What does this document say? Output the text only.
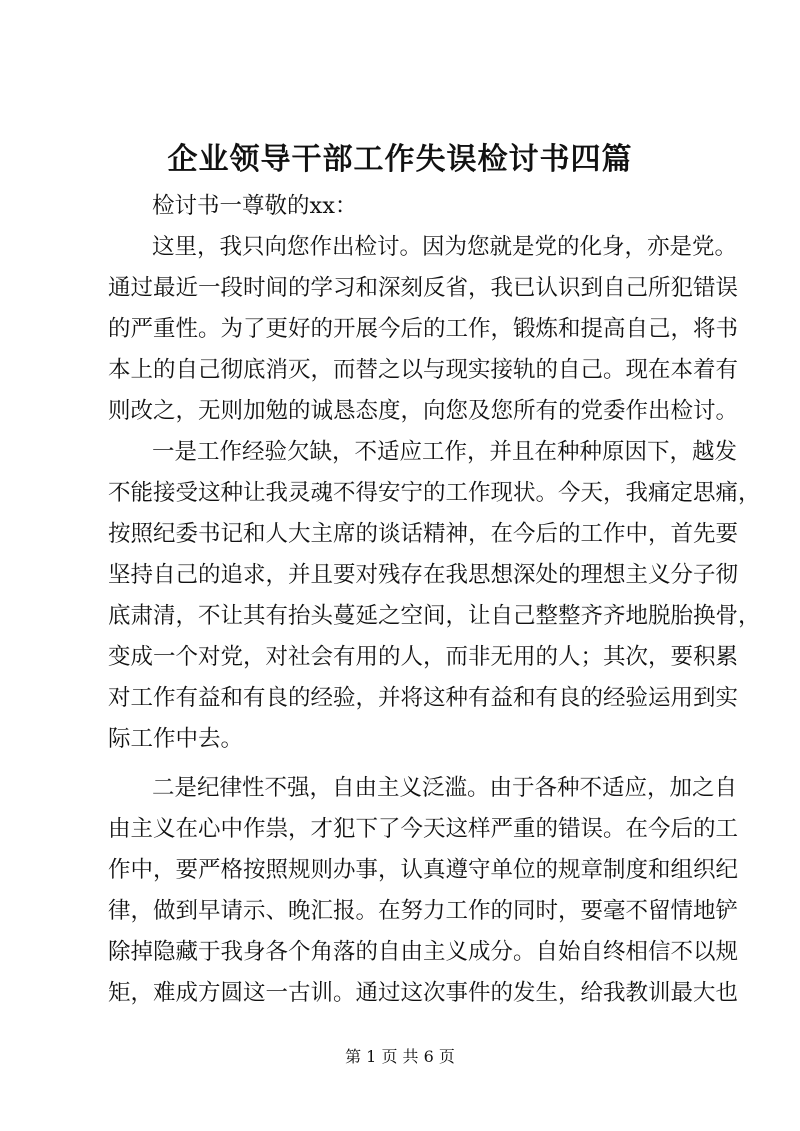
企业领导干部工作失误检讨书四篇
检讨书一尊敬的xx：
这里，我只向您作出检讨。因为您就是党的化身，亦是党。
通过最近一段时间的学习和深刻反省，我已认识到自己所犯错误
的严重性。为了更好的开展今后的工作，锻炼和提高自己，将书
本上的自己彻底消灭，而替之以与现实接轨的自己。现在本着有
则改之，无则加勉的诚恳态度，向您及您所有的党委作出检讨。
一是工作经验欠缺，不适应工作，并且在种种原因下，越发
不能接受这种让我灵魂不得安宁的工作现状。今天，我痛定思痛，
按照纪委书记和人大主席的谈话精神，在今后的工作中，首先要
坚持自己的追求，并且要对残存在我思想深处的理想主义分子彻
底肃清，不让其有抬头蔓延之空间，让自己整整齐齐地脱胎换骨，
变成一个对党，对社会有用的人，而非无用的人；其次，要积累
对工作有益和有良的经验，并将这种有益和有良的经验运用到实
际工作中去。
二是纪律性不强，自由主义泛滥。由于各种不适应，加之自
由主义在心中作祟，才犯下了今天这样严重的错误。在今后的工
作中，要严格按照规则办事，认真遵守单位的规章制度和组织纪
律，做到早请示、晚汇报。在努力工作的同时，要毫不留情地铲
除掉隐藏于我身各个角落的自由主义成分。自始自终相信不以规
矩，难成方圆这一古训。通过这次事件的发生，给我教训最大也
第 1 页 共 6 页
